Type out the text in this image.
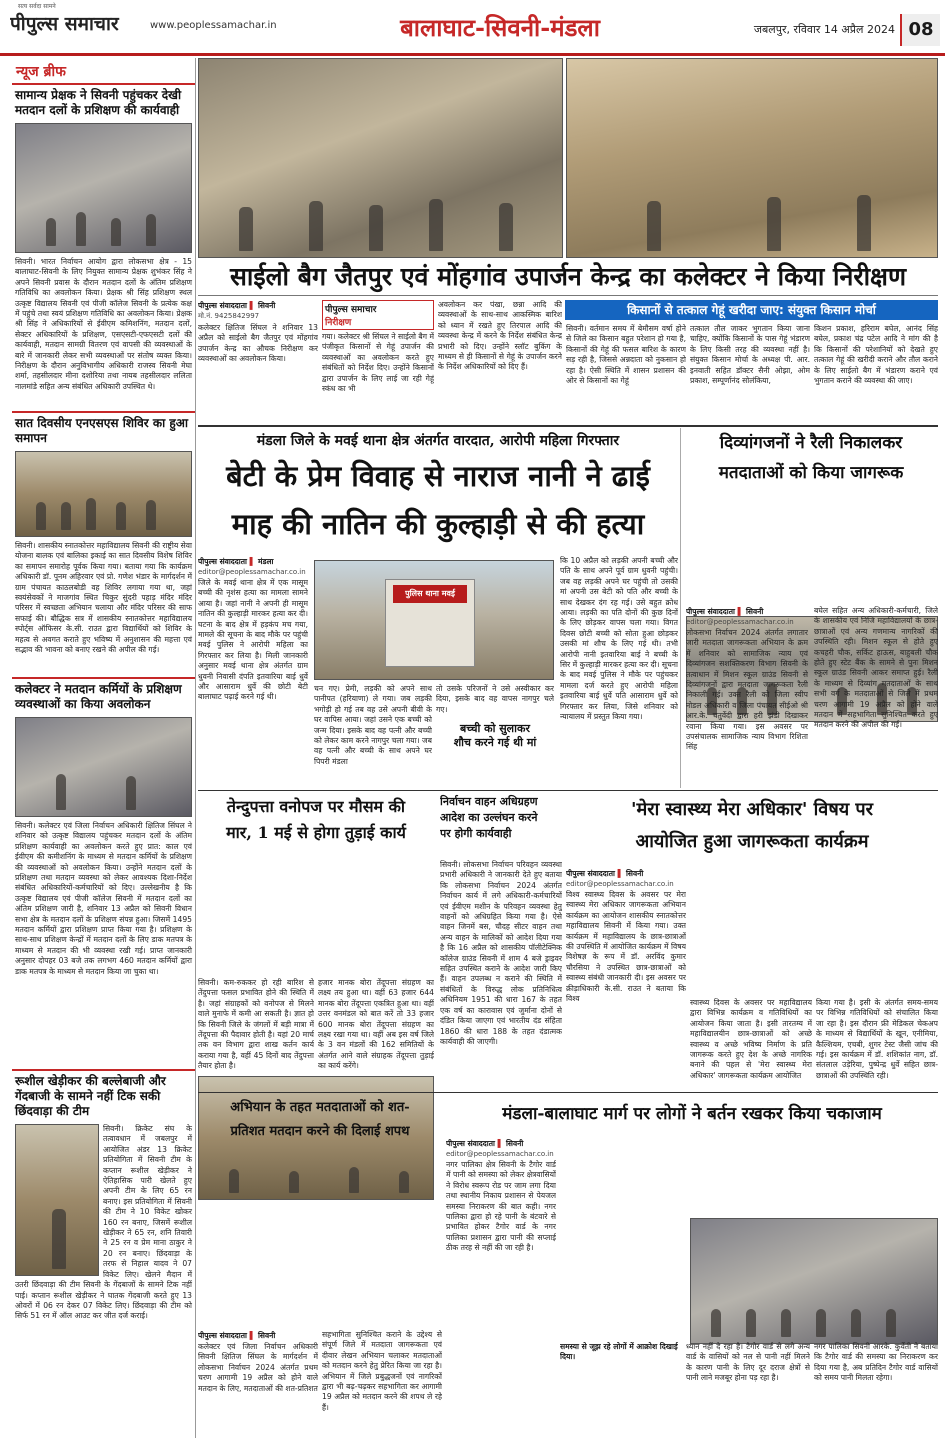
सत्य सर्वदा सामने
पीपुल्स समाचार	www.peoplessamachar.in	बालाघाट-सिवनी-मंडला	जबलपुर, रविवार 14 अप्रैल 2024 08
न्यूज ब्रीफ
सामान्य प्रेक्षक ने सिवनी पहुंचकर देखी मतदान दलों के प्रशिक्षण की कार्यवाही
सिवनी। भारत निर्वाचन आयोग द्वारा लोकसभा क्षेत्र - 15 बालाघाट-सिवनी के लिए नियुक्त सामान्य प्रेक्षक शुभंकर सिंह ने अपने सिवनी प्रवास के दौरान मतदान दलों के अंतिम प्रशिक्षण गतिविधि का अवलोकन किया। प्रेक्षक श्री सिंह प्रशिक्षण स्थल उत्कृष्ट विद्यालय सिवनी एवं पीजी कॉलेज सिवनी के प्रत्येक कक्ष में पहुंचे तथा स्वयं प्रशिक्षण गतिविधि का अवलोकन किया। प्रेक्षक श्री सिंह ने अधिकारियों से ईवीएम कमिशनिंग, मतदान दलों, सेक्टर अधिकारियों के प्रशिक्षण, एसएसटी-एफएसटी दलों की कार्यवाही, मतदान सामग्री वितरण एवं वापसी की व्यवस्थाओं के बारे में जानकारी लेकर सभी व्यवस्थाओं पर संतोष व्यक्त किया। निरीक्षण के दौरान अनुविभागीय अधिकारी राजस्व सिवनी मेघा शर्मा, तहसीलदार मीना दशोरिया तथा नायब तहसीलदार ललिता नालमांडे सहित अन्य संबंधित अधिकारी उपस्थित थे।
सात दिवसीय एनएसएस शिविर का हुआ समापन
सिवनी। शासकीय स्नातकोत्तर महाविद्यालय सिवनी की राष्ट्रीय सेवा योजना बालक एवं बालिका इकाई का सात दिवसीय विशेष शिविर का समापन समारोह पूर्वक किया गया। बताया गया कि कार्यक्रम अधिकारी डॉ. पूनम अहिरवार एवं प्रो. गणेश भंडार के मार्गदर्शन में ग्राम पंचायत काठलबोडी वह शिविर लगाया गया था, जहां स्वयंसेवकों ने माजगांव स्थित चिकुर सुंदरी पहाड़ मंदिर मंदिर परिसर में स्वच्छता अभियान चलाया और मंदिर परिसर की साफ सफाई की। बौद्धिक सत्र में शासकीय स्नातकोत्तर महाविद्यालय स्पोर्ट्स ऑफिसर के.सी. राउत द्वारा विद्यार्थियों को शिविर के महत्व से अवगत कराते हुए भविष्य में अनुशासन की महत्ता एवं सद्भाव की भावना को बनाए रखने की अपील की गई।
कलेक्टर ने मतदान कर्मियों के प्रशिक्षण व्यवस्थाओं का किया अवलोकन
सिवनी। कलेक्टर एवं जिला निर्वाचन अधिकारी क्षितिज सिंघल ने शनिवार को उत्कृष्ट विद्यालय पहुंचकर मतदान दलों के अंतिम प्रशिक्षण कार्यवाही का अवलोकन करते हुए प्रात: काल एवं ईवीएम की कमीशनिंग के माध्यम से मतदान कर्मियों के प्रशिक्षण की व्यवस्थाओं को अवलोकन किया। उन्होंने मतदान दलों के प्रशिक्षण तथा मतदान व्यवस्था को लेकर आवश्यक दिशा-निर्देश संबंधित अधिकारियों-कर्मचारियों को दिए। उल्लेखनीय है कि उत्कृष्ट विद्यालय एवं पीजी कॉलेज सिवनी में मतदान दलों का अंतिम प्रशिक्षण जारी है, शनिवार 13 अप्रैल को सिवनी विधान सभा क्षेत्र के मतदान दलों के प्रशिक्षण संपन्न हुआ। जिसमें 1495 मतदान कर्मियों द्वारा प्रशिक्षण प्राप्त किया गया है। प्रशिक्षण के साथ-साथ प्रशिक्षण केन्द्रों में मतदान दलों के लिए डाक मतपत्र के माध्यम से मतदान की भी व्यवस्था रखी गई। प्राप्त जानकारी अनुसार दोपहर 03 बजे तक लगभग 460 मतदान कर्मियों द्वारा डाक मतपत्र के माध्यम से मतदान किया जा चुका था।
रूशील खेड़ीकर की बल्लेबाजी और गेंदबाजी के सामने नहीं टिक सकी छिंदवाड़ा की टीम
सिवनी। क्रिकेट संघ के तत्वावधान में जबलपुर में आयोजित अंडर 13 क्रिकेट प्रतियोगिता में सिवनी टीम के कप्तान रूशील खेड़ीकर ने ऐतिहासिक पारी खेलते हुए अपनी टीम के लिए 65 रन बनाए। इस प्रतियोगिता में सिवनी की टीम ने 10 विकेट खोकर 160 रन बनाए, जिसमें रूशील खेड़ीकर ने 65 रन, शनि तिवारी ने 25 रन व प्रेम माना ठाकुर ने 20 रन बनाए। छिंदवाड़ा के तरफ से निहाल यादव ने 07 विकेट लिए। खेलने मैदान में उतरी छिंदवाड़ा की टीम सिवनी के गेंदबाजों के सामने टिक नहीं पाई। कप्तान रूशील खेड़ीकर ने घातक गेंदबाजी करते हुए 13 ओवरों में 06 रन देकर 07 विकेट लिए। छिंदवाड़ा की टीम को सिर्फ 51 रन में ऑल आउट कर जीत दर्ज कराई।
साईलो बैग जैतपुर एवं मोंहगांव उपार्जन केन्द्र का कलेक्टर ने किया निरीक्षण
पीपुल्स संवाददाता ▌ सिवनी
मो.नं. 9425842997
कलेक्टर क्षितिज सिंघल ने शनिवार 13 अप्रैल को साईलो बैग जैतपुर एवं मोंहगांव उपार्जन केन्द्र का औचक निरीक्षण कर व्यवस्थाओं का अवलोकन किया।
पीपुल्स समाचार
निरीक्षण
गया। कलेक्टर श्री सिंघल ने साईलो बैग में पंजीकृत किसानों से गेहूं उपार्जन की व्यवस्थाओं का अवलोकन करते हुए संबंधितों को निर्देश दिए। उन्होंने किसानों द्वारा उपार्जन के लिए लाई जा रही गेहूं स्कंध का भी
अवलोकन कर पंखा, छन्ना आदि की व्यवस्थाओं के साथ-साथ आकस्मिक बारिश को ध्यान में रखते हुए तिरपाल आदि की व्यवस्था केन्द्र में करने के निर्देश संबंधित केन्द्र प्रभारी को दिए। उन्होंने स्लॉट बुकिंग के माध्यम से ही किसानों से गेहूं के उपार्जन करने के निर्देश अधिकारियों को दिए हैं।
किसानों से तत्काल गेहूं खरीदा जाए: संयुक्त किसान मोर्चा
सिवनी। वर्तमान समय में बेमौसम वर्षा होने से जिले का किसान बहुत परेशान हो गया है, किसानों की गेहूं की फसल बारिश के कारण सड़ रही है, जिससे अन्नदाता को नुकसान हो रहा है। ऐसी स्थिति में शासन प्रशासन की ओर से किसानों का गेहूं
तत्काल तौल जाकर भुगतान किया जाना चाहिए, क्योंकि किसानों के पास गेहूं भंडारण के लिए किसी तरह की व्यवस्था नहीं है। संयुक्त किसान मोर्चा के अध्यक्ष पी. आर. इनवाती सहित डॉक्टर सैनी ओझा, ओम प्रकाश, सम्पूर्णानंद सोलंकिया,
किशन प्रकाश, हरिराम बघेल, आनंद सिंह बघेल, प्रकाश चंद्र पटेल आदि ने मांग की है कि किसानों की परेशानियों को देखते हुए तत्काल गेहूं की खरीदी कराने और तौल कराने के लिए साईलो बैग में भंडारण कराने एवं भुगतान कराने की व्यवस्था की जाए।
मंडला जिले के मवई थाना क्षेत्र अंतर्गत वारदात, आरोपी महिला गिरफ्तार
बेटी के प्रेम विवाह से नाराज नानी ने ढाई
माह की नातिन की कुल्हाड़ी से की हत्या
पीपुल्स संवाददाता ▌ मंडला
editor@peoplessamachar.co.in
जिले के मवई थाना क्षेत्र में एक मासूम बच्ची की नृशंस हत्या का मामला सामने आया है। जहां नानी ने अपनी ही मासूम नातिन की कुल्हाड़ी मारकर हत्या कर दी। घटना के बाद क्षेत्र में हड़कंप मच गया, मामले की सूचना के बाद मौके पर पहुंची मवई पुलिस ने आरोपी महिला का गिरफ्तार कर लिया है। मिली जानकारी अनुसार मवई थाना क्षेत्र अंतर्गत ग्राम धुवनी निवासी दंपति इतवारिया बाई धुर्वे और आसाराम धुर्वे की छोटी बेटी बालाघाट पढ़ाई करने गई थी।
पुलिस थाना मवई
चन गए। प्रेमी, लड़की को अपने साथ पानीपत (हरियाणा) ले गया। जब लड़की भगोड़ी हो गई तब वह उसे अपनी बीवी के घर वापिस आया। जहां उसने एक बच्ची को जन्म दिया। इसके बाद वह पत्नी और बच्ची को लेकर काम करने नागपुर चला गया। जब वह पत्नी और बच्ची के साथ अपने घर पिपरी मंडला
तो उसके परिजनों ने उसे अस्वीकार कर दिया, इसके बाद वह वापस नागपुर चले गए।
बच्ची को सुलाकर
शौच करने गई थी मां
कि 10 अप्रैल को लड़की अपनी बच्ची और पति के साथ अपने पूर्व ग्राम धुवनी पहुंची। जब वह लड़की अपने घर पहुंची तो उसकी मां अपनी उस बेटी को पति और बच्ची के साथ देखकर दंग रह गई। उसे बहुत क्रोध आया। लड़की का पति दोनों की कुछ दिनों के लिए छोड़कर वापस चला गया। विगत दिवस छोटी बच्ची को सोता हुआ छोड़कर उसकी मां शौच के लिए गई थी। तभी आरोपी नानी इतवारिया बाई ने बच्ची के सिर में कुल्हाड़ी मारकर हत्या कर दी। सूचना के बाद मवई पुलिस ने मौके पर पहुंचकर मामला दर्ज करते हुए आरोपी महिला इतवारिया बाई धुर्वे पति आसाराम धुर्वे को गिरफ्तार कर लिया, जिसे शनिवार को न्यायालय में प्रस्तुत किया गया।
दिव्यांगजनों ने रैली निकालकर
मतदाताओं को किया जागरूक
पीपुल्स संवाददाता ▌ सिवनी
editor@peoplessamachar.co.in
लोकसभा निर्वाचन 2024 अंतर्गत लगातार जारी मतदाता जागरूकता अभियान के क्रम में शनिवार को सामाजिक न्याय एवं दिव्यांगजन सशक्तिकरण विभाग सिवनी के तत्वाधान में मिशन स्कूल ग्राउंड सिवनी से दिव्यांगजनों द्वारा मतदाता जागरूकता रैली निकाली गई। उक्त रैली को जिला स्वीप नोडल अधिकारी व जिला पंचायत सीईओ श्री आर.के. चतुर्वेदी द्वारा हरी झंडी दिखाकर रवाना किया गया। इस अवसर पर उपसंचालक सामाजिक न्याय विभाग रिशिता सिंह
बघेल सहित अन्य अधिकारी-कर्मचारी, जिले के शासकीय एवं निजि महाविद्यालयों के छात्र-छात्राओं एवं अन्य गणमान्य नागरिकों की उपस्थिति रही। मिशन स्कूल से होते हुए कचहरी चौक, सर्किट हाऊस, बाहुबली चौक होते हुए स्टेट बैंक के सामने से पुनः मिशन स्कूल ग्राउंड सिवनी आकर समाप्त हुई। रैली के माध्यम से दिव्यांग मतदाताओं के साथ सभी वर्ग के मतदाताओं से जिले में प्रथम चरण आगामी 19 अप्रैल को होने वाले मतदान में सहभागिता सुनिश्चित करते हुए मतदान करने की अपील की गई।
तेन्दुपत्ता वनोपज पर मौसम की
मार, 1 मई से होगा तुड़ाई कार्य
सिवनी। कम-रुककर हो रही बारिश से तेंदुपत्ता फसल प्रभावित होने की स्थिति में है। जहां संग्राहकों को वनोपज से मिलने वाले मुनाफे में कमी आ सकती है। ज्ञात हो कि सिवनी जिले के जंगलों में बड़ी मात्रा में तेंदूपत्ता की पैदावार होती है। यहां 20 मार्च तक वन विभाग द्वारा शाख कर्तन कार्य कराया गया है, वहीं 45 दिनों बाद तेंदुपत्ता तैयार होता है।
हजार मानक बोरा तेंदूपत्ता संग्रहण का लक्ष्य तय हुआ था। वहीं 63 हजार 644 मानक बोरा तेंदूपत्ता एकत्रित हुआ था। वहीं उत्तर वनमंडल को बात करें तो 33 हजार 600 मानक बोरा तेंदूपत्ता संग्रहण का लक्ष्य रखा गया था। वहीं अब इस वर्ष जिले के 3 वन मंडलों की 162 समितियों के अंतर्गत आने वाले संग्राहक तेंदूपत्ता तुड़ाई का कार्य करेंगे।
निर्वाचन वाहन अधिग्रहण
आदेश का उल्लंघन करने
पर होगी कार्यवाही
सिवनी। लोकसभा निर्वाचन परिवहन व्यवस्था प्रभारी अधिकारी ने जानकारी देते हुए बताया कि लोकसभा निर्वाचन 2024 अंतर्गत निर्वाचन कार्य में लगे अधिकारी-कर्मचारियों एवं ईवीएम मशीन के परिवहन व्यवस्था हेतु वाहनों को अधिग्रहित किया गया है। ऐसे वाहन जिनमें बस, चौदह सीटर वाहन तथा अन्य वाहन के मालिकों को आदेश दिया गया है कि 16 अप्रैल को शासकीय पॉलीटेक्निक कॉलेज ग्राउंड सिवनी में शाम 4 बजे ड्राइवर सहित उपस्थित कराने के आदेश जारी किए हैं। वाहन उपलब्ध न कराने की स्थिति में संबंधितों के विरुद्ध लोक प्रतिनिधित्व अधिनियम 1951 की धारा 167 के तहत एक वर्ष का कारावास एवं जुर्माना दोनों से दंडित किया जाएगा एवं भारतीय दंड संहिता 1860 की धारा 188 के तहत दंडात्मक कार्यवाही की जाएगी।
'मेरा स्वास्थ्य मेरा अधिकार' विषय पर
आयोजित हुआ जागरूकता कार्यक्रम
पीपुल्स संवाददाता ▌ सिवनी
editor@peoplessamachar.co.in
विश्व स्वास्थ्य दिवस के अवसर पर मेरा स्वास्थ्य मेरा अधिकार जागरूकता अभियान कार्यक्रम का आयोजन शासकीय स्नातकोत्तर महाविद्यालय सिवनी में किया गया। उक्त कार्यक्रम में महाविद्यालय के छात्र-छात्राओं की उपस्थिति में आयोजित कार्यक्रम में विषय विशेषज्ञ के रूप में डॉ. अरविंद कुमार चौरसिया ने उपस्थित छात्र-छात्राओं को स्वास्थ्य संबंधी जानकारी दी। इस अवसर पर क्रीड़ाधिकारी के.सी. राउत ने बताया कि विश्व	स्वास्थ्य दिवस के अवसर पर महाविद्यालय द्वारा विभिन्न कार्यक्रम व गतिविधियों का आयोजन किया जाता है। इसी तारतम्य में महाविद्यालयीन छात्र-छात्राओं को अच्छे स्वास्थ्य व अच्छे भविष्य निर्माण के प्रति जागरूक करते हुए देश के अच्छे नागरिक बनाने की पहल से 'मेरा स्वास्थ्य मेरा अधिकार' जागरूकता कार्यक्रम आयोजित
किया गया है। इसी के अंतर्गत समय-समय पर विभिन्न गतिविधियों को संचालित किया जा रहा है। इस दौरान फ्री मेडिकल चेकअप के माध्यम से विद्यार्थियों के खून, एनीमिया, कैल्शियम, एचबी, शुगर टेस्ट जैसी जांच की गई। इस कार्यक्रम में डॉ. शशिकांत नाग, डॉ. संतलाल उड़ेरिया, पुष्पेन्द्र धुर्वे सहित छात्र-छात्राओं की उपस्थिति रही।
अभियान के तहत मतदाताओं को शत-
प्रतिशत मतदान करने की दिलाई शपथ
पीपुल्स संवाददाता ▌ सिवनी
कलेक्टर एवं जिला निर्वाचन अधिकारी सिवनी क्षितिज सिंघल के मार्गदर्शन में लोकसभा निर्वाचन 2024 अंतर्गत प्रथम चरण आगामी 19 अप्रैल को होने वाले मतदान के लिए, मतदाताओं की शत-प्रतिशत
सहभागिता सुनिश्चित कराने के उद्देश्य से संपूर्ण जिले में मतदाता जागरूकता एवं दीवार लेखन अभियान चलाकर मतदाताओं को मतदान करने हेतु प्रेरित किया जा रहा है। अभियान में जिले प्रबुद्धजनों एवं नागरिकों द्वारा भी बढ़-चढ़कर सहभागिता कर आगामी 19 अप्रैल को मतदान करने की शपथ ले रहे हैं।
मंडला-बालाघाट मार्ग पर लोगों ने बर्तन रखकर किया चकाजाम
पीपुल्स संवाददाता ▌ सिवनी
editor@peoplessamachar.co.in
नगर पालिका क्षेत्र सिवनी के टैगोर वार्ड में पानी को समस्या को लेकर क्षेत्रवासियों ने विरोध स्वरूप रोड पर जाम लगा दिया तथा स्थानीय निकाय प्रशासन से पेयजल समस्या निराकरण की बात कही। नगर पालिका द्वारा हो रहे पानी के बंटवारे से प्रभावित होकर टैगोर वार्ड के नगर पालिका प्रशासन द्वारा पानी की सप्लाई ठीक तरह से नहीं की जा रही है।
समस्या से जूझ रहे लोगों में आक्रोश दिखाई दिया।
ध्यान नहीं दे रहा है। टैगोर वार्ड से लगे अन्य वार्ड के वासियों को नल से पानी नहीं मिलने के कारण पानी के लिए दूर दराज क्षेत्रों से पानी लाने मजबूर होना पड़ रहा है।
नगर पालिका सिवनी आरके. कुर्वेती ने बताया कि टैगोर वार्ड की समस्या का निराकरण कर दिया गया है, अब प्रतिदिन टैगोर वार्ड वासियों को समय पानी मिलता रहेगा।
